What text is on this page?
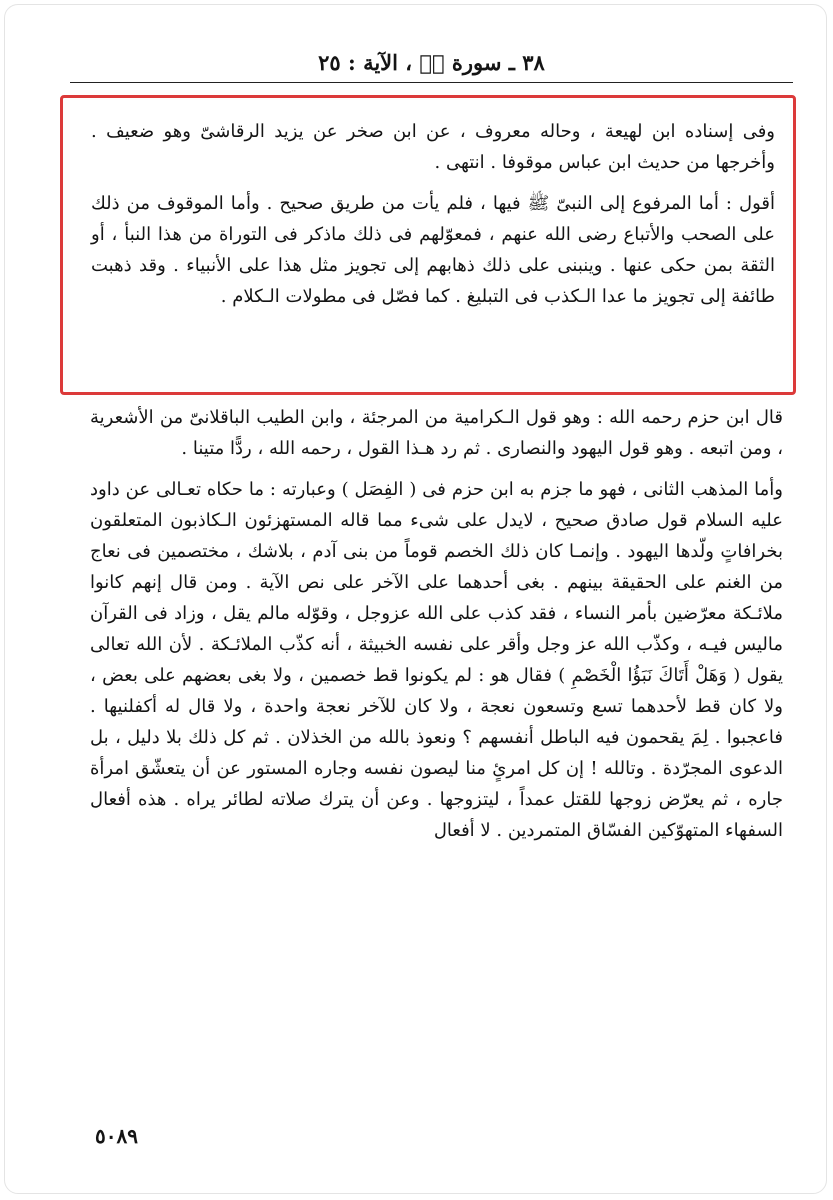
٣٨ ـ سورة صۤ ، الآية : ٢٥

وفى إسناده ابن لهيعة ، وحاله معروف ، عن ابن صخر عن يزيد الرقاشىّ وهو ضعيف . وأخرجها من حديث ابن عباس موقوفا . انتهى .

أقول : أما المرفوع إلى النبىّ ﷺ فيها ، فلم يأت من طريق صحيح . وأما الموقوف من ذلك على الصحب والأتباع رضى الله عنهم ، فمعوّلهم فى ذلك ماذكر فى التوراة من هذا النبأ ، أو الثقة بمن حكى عنها . وينبنى على ذلك ذهابهم إلى تجويز مثل هذا على الأنبياء . وقد ذهبت طائفة إلى تجويز ما عدا الـكذب فى التبليغ . كما فصّل فى مطولات الـكلام .

قال ابن حزم رحمه الله : وهو قول الـكرامية من المرجئة ، وابن الطيب الباقلانىّ من الأشعرية ، ومن اتبعه . وهو قول اليهود والنصارى . ثم رد هـذا القول ، رحمه الله ، ردًّا متينا .

وأما المذهب الثانى ، فهو ما جزم به ابن حزم فى ( الفِصَل ) وعبارته : ما حكاه تعـالى عن داود عليه السلام قول صادق صحيح ، لايدل على شىء مما قاله المستهزئون الـكاذبون المتعلقون بخرافاتٍ ولّدها اليهود . وإنمـا كان ذلك الخصم قوماً من بنى آدم ، بلاشك ، مختصمين فى نعاج من الغنم على الحقيقة بينهم . بغى أحدهما على الآخر على نص الآية . ومن قال إنهم كانوا ملائـكة معرّضين بأمر النساء ، فقد كذب على الله عزوجل ، وقوّله مالم يقل ، وزاد فى القرآن ماليس فيـه ، وكذّب الله عز وجل وأقر على نفسه الخبيثة ، أنه كذّب الملائـكة . لأن الله تعالى يقول ( وَهَلْ أَتَاكَ نَبَؤُا الْخَصْمِ ) فقال هو : لم يكونوا قط خصمين ، ولا بغى بعضهم على بعض ، ولا كان قط لأحدهما تسع وتسعون نعجة ، ولا كان للآخر نعجة واحدة ، ولا قال له أكفلنيها . فاعجبوا . لِمَ يقحمون فيه الباطل أنفسهم ؟ ونعوذ بالله من الخذلان . ثم كل ذلك بلا دليل ، بل الدعوى المجرّدة . وتالله ! إن كل امرئٍ منا ليصون نفسه وجاره المستور عن أن يتعشّق امرأة جاره ، ثم يعرّض زوجها للقتل عمداً ، ليتزوجها . وعن أن يترك صلاته لطائر يراه . هذه أفعال السفهاء المتهوّكين الفسّاق المتمردين . لا أفعال

٥٠٨٩
